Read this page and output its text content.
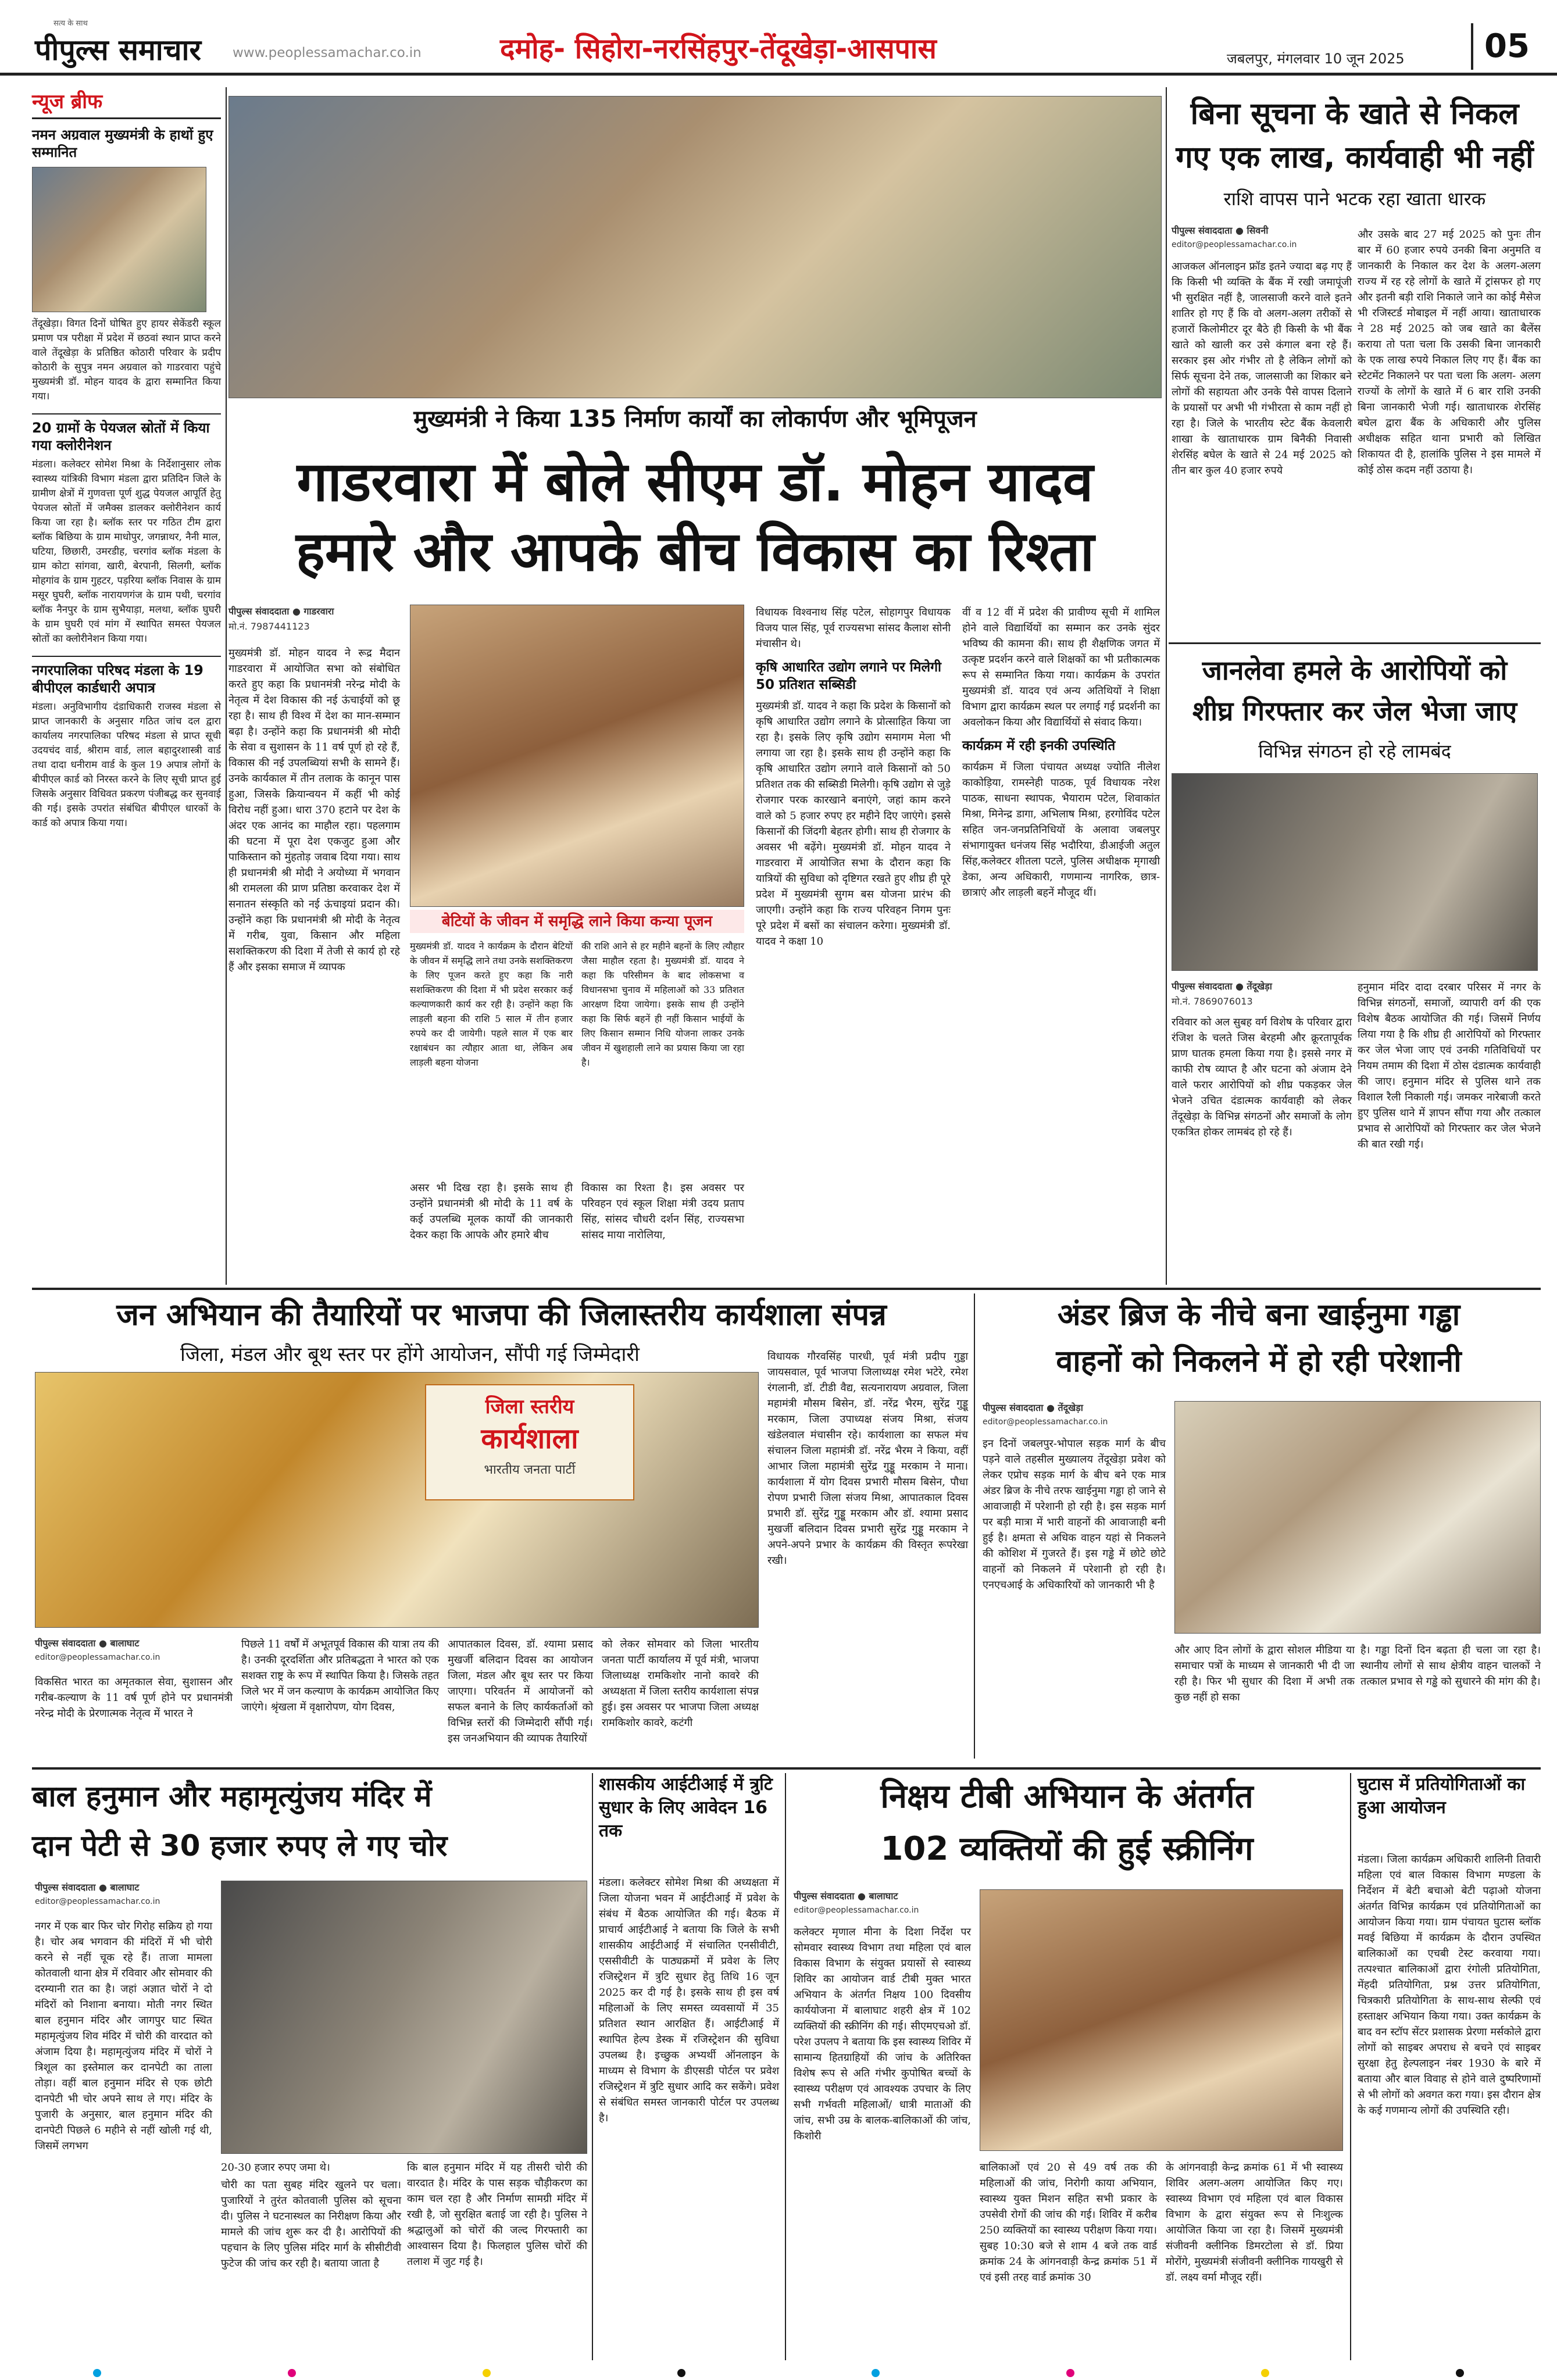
सत्य के साथ
पीपुल्स समाचार www.peoplessamachar.co.in	दमोह- सिहोरा-नरसिंहपुर-तेंदूखेड़ा-आसपास	जबलपुर, मंगलवार 10 जून 2025	05
न्यूज ब्रीफ
नमन अग्रवाल मुख्यमंत्री के हाथों हुए सम्मानित
तेंदूखेड़ा। विगत दिनों घोषित हुए हायर सेकेंडरी स्कूल प्रमाण पत्र परीक्षा में प्रदेश में छठवां स्थान प्राप्त करने वाले तेंदूखेड़ा के प्रतिष्ठित कोठारी परिवार के प्रदीप कोठारी के सुपुत्र नमन अग्रवाल को गाडरवारा पहुंचे मुख्यमंत्री डॉ. मोहन यादव के द्वारा सम्मानित किया गया।
20 ग्रामों के पेयजल स्रोतों में किया गया क्लोरीनेशन
मंडला। कलेक्टर सोमेश मिश्रा के निर्देशानुसार लोक स्वास्थ्य यांत्रिकी विभाग मंडला द्वारा प्रतिदिन जिले के ग्रामीण क्षेत्रों में गुणवत्ता पूर्ण शुद्ध पेयजल आपूर्ति हेतु पेयजल स्रोतों में जमैक्स डालकर क्लोरीनेशन कार्य किया जा रहा है। ब्लॉक स्तर पर गठित टीम द्वारा ब्लॉक बिछिया के ग्राम माधोपुर, जगन्नाथर, नैनी माल, घटिया, छिछारी, उमरडीह, चरगांव ब्लॉक मंडला के ग्राम कोटा सांगवा, खारी, बेरपानी, सिलगी, ब्लॉक मोहगांव के ग्राम गुहटर, पड़रिया ब्लॉक निवास के ग्राम मसूर घुघरी, ब्लॉक नारायणगंज के ग्राम पथी, चरगांव ब्लॉक नैनपुर के ग्राम सुभैयाड़ा, मलथा, ब्लॉक घुघरी के ग्राम घुघरी एवं मांग में स्थापित समस्त पेयजल स्रोतों का क्लोरीनेशन किया गया।
नगरपालिका परिषद मंडला के 19 बीपीएल कार्डधारी अपात्र
मंडला। अनुविभागीय दंडाधिकारी राजस्व मंडला से प्राप्त जानकारी के अनुसार गठित जांच दल द्वारा कार्यालय नगरपालिका परिषद मंडला से प्राप्त सूची उदयचंद वार्ड, श्रीराम वार्ड, लाल बहादुरशास्त्री वार्ड तथा दादा धनीराम वार्ड के कुल 19 अपात्र लोगों के बीपीएल कार्ड को निरस्त करने के लिए सूची प्राप्त हुई जिसके अनुसार विधिवत प्रकरण पंजीबद्ध कर सुनवाई की गई। इसके उपरांत संबंधित बीपीएल धारकों के कार्ड को अपात्र किया गया।
मुख्यमंत्री ने किया 135 निर्माण कार्यों का लोकार्पण और भूमिपूजन
गाडरवारा में बोले सीएम डॉ. मोहन यादव
हमारे और आपके बीच विकास का रिश्ता
पीपुल्स संवाददाता ● गाडरवारा
मो.नं. 7987441123
बेटियों के जीवन में समृद्धि लाने किया कन्या पूजन
मुख्यमंत्री डॉ. मोहन यादव ने रूद्र मैदान गाडरवारा में आयोजित सभा को संबोधित करते हुए कहा कि प्रधानमंत्री नरेन्द्र मोदी के नेतृत्व में देश विकास की नई ऊंचाईयों को छू रहा है। साथ ही विश्व में देश का मान-सम्मान बढ़ा है। उन्होंने कहा कि प्रधानमंत्री श्री मोदी के सेवा व सुशासन के 11 वर्ष पूर्ण हो रहे हैं, विकास की नई उपलब्धियां सभी के सामने हैं। उनके कार्यकाल में तीन तलाक के कानून पास हुआ, जिसके क्रियान्वयन में कहीं भी कोई विरोध नहीं हुआ। धारा 370 हटाने पर देश के अंदर एक आनंद का माहौल रहा। पहलगाम की घटना में पूरा देश एकजुट हुआ और पाकिस्तान को मुंहतोड़ जवाब दिया गया। साथ ही प्रधानमंत्री श्री मोदी ने अयोध्या में भगवान श्री रामलला की प्राण प्रतिष्ठा करवाकर देश में सनातन संस्कृति को नई ऊंचाइयां प्रदान की। उन्होंने कहा कि प्रधानमंत्री श्री मोदी के नेतृत्व में गरीब, युवा, किसान और महिला सशक्तिकरण की दिशा में तेजी से कार्य हो रहे हैं और इसका समाज में व्यापक
मुख्यमंत्री डॉ. यादव ने कार्यक्रम के दौरान बेटियों के जीवन में समृद्धि लाने तथा उनके सशक्तिकरण के लिए पूजन करते हुए कहा कि नारी सशक्तिकरण की दिशा में भी प्रदेश सरकार कई कल्याणकारी कार्य कर रही है। उन्होंने कहा कि लाड़ली बहना की राशि 5 साल में तीन हजार रुपये कर दी जायेगी। पहले साल में एक बार रक्षाबंधन का त्यौहार आता था, लेकिन अब लाड़ली बहना योजना
की राशि आने से हर महीने बहनों के लिए त्यौहार जैसा माहौल रहता है। मुख्यमंत्री डॉ. यादव ने कहा कि परिसीमन के बाद लोकसभा व विधानसभा चुनाव में महिलाओं को 33 प्रतिशत आरक्षण दिया जायेगा। इसके साथ ही उन्होंने कहा कि सिर्फ बहनें ही नहीं किसान भाईयों के लिए किसान सम्मान निधि योजना लाकर उनके जीवन में खुशहाली लाने का प्रयास किया जा रहा है।
असर भी दिख रहा है। इसके साथ ही उन्होंने प्रधानमंत्री श्री मोदी के 11 वर्ष के कई उपलब्धि मूलक कार्यों की जानकारी देकर कहा कि आपके और हमारे बीच
विकास का रिश्ता है। इस अवसर पर परिवहन एवं स्कूल शिक्षा मंत्री उदय प्रताप सिंह, सांसद चौधरी दर्शन सिंह, राज्यसभा सांसद माया नारोलिया,
विधायक विश्वनाथ सिंह पटेल, सोहागपुर विधायक विजय पाल सिंह, पूर्व राज्यसभा सांसद कैलाश सोनी मंचासीन थे।
कृषि आधारित उद्योग लगाने पर मिलेगी 50 प्रतिशत सब्सिडी
मुख्यमंत्री डॉ. यादव ने कहा कि प्रदेश के किसानों को कृषि आधारित उद्योग लगाने के प्रोत्साहित किया जा रहा है। इसके लिए कृषि उद्योग समागम मेला भी लगाया जा रहा है। इसके साथ ही उन्होंने कहा कि कृषि आधारित उद्योग लगाने वाले किसानों को 50 प्रतिशत तक की सब्सिडी मिलेगी। कृषि उद्योग से जुड़े रोजगार परक कारखाने बनाएंगे, जहां काम करने वाले को 5 हजार रुपए हर महीने दिए जाएंगे। इससे किसानों की जिंदगी बेहतर होगी। साथ ही रोजगार के अवसर भी बढ़ेंगे। मुख्यमंत्री डॉ. मोहन यादव ने गाडरवारा में आयोजित सभा के दौरान कहा कि यात्रियों की सुविधा को दृष्टिगत रखते हुए शीघ्र ही पूरे प्रदेश में मुख्यमंत्री सुगम बस योजना प्रारंभ की जाएगी। उन्होंने कहा कि राज्य परिवहन निगम पुनः पूरे प्रदेश में बसों का संचालन करेगा। मुख्यमंत्री डॉ. यादव ने कक्षा 10
वीं व 12 वीं में प्रदेश की प्रावीण्य सूची में शामिल होने वाले विद्यार्थियों का सम्मान कर उनके सुंदर भविष्य की कामना की। साथ ही शैक्षणिक जगत में उत्कृष्ट प्रदर्शन करने वाले शिक्षकों का भी प्रतीकात्मक रूप से सम्मानित किया गया। कार्यक्रम के उपरांत मुख्यमंत्री डॉ. यादव एवं अन्य अतिथियों ने शिक्षा विभाग द्वारा कार्यक्रम स्थल पर लगाई गई प्रदर्शनी का अवलोकन किया और विद्यार्थियों से संवाद किया।
कार्यक्रम में रही इनकी उपस्थिति
कार्यक्रम में जिला पंचायत अध्यक्ष ज्योति नीलेश काकोड़िया, रामस्नेही पाठक, पूर्व विधायक नरेश पाठक, साधना स्थापक, भैयाराम पटेल, शिवाकांत मिश्रा, मिनेन्द्र डागा, अभिलाष मिश्रा, हरगोविंद पटेल सहित जन-जनप्रतिनिधियों के अलावा जबलपुर संभागायुक्त धनंजय सिंह भदौरिया, डीआईजी अतुल सिंह,कलेक्टर शीतला पटले, पुलिस अधीक्षक मृगाखी डेका, अन्य अधिकारी, गणमान्य नागरिक, छात्र-छात्राएं और लाड़ली बहनें मौजूद थीं।
बिना सूचना के खाते से निकल
गए एक लाख, कार्यवाही भी नहीं
राशि वापस पाने भटक रहा खाता धारक
पीपुल्स संवाददाता ● सिवनी
editor@peoplessamachar.co.in
आजकल ऑनलाइन फ्रॉड इतने ज्यादा बढ़ गए हैं कि किसी भी व्यक्ति के बैंक में रखी जमापूंजी भी सुरक्षित नहीं है, जालसाजी करने वाले इतने शातिर हो गए हैं कि वो अलग-अलग तरीकों से हजारों किलोमीटर दूर बैठे ही किसी के भी बैंक खाते को खाली कर उसे कंगाल बना रहे हैं। सरकार इस ओर गंभीर तो है लेकिन लोगों को सिर्फ सूचना देने तक, जालसाजी का शिकार बने लोगों की सहायता और उनके पैसे वापस दिलाने के प्रयासों पर अभी भी गंभीरता से काम नहीं हो रहा है। जिले के भारतीय स्टेट बैंक केवलारी शाखा के खाताधारक ग्राम बिनैकी निवासी शेरसिंह बघेल के खाते से 24 मई 2025 को तीन बार कुल 40 हजार रुपये
और उसके बाद 27 मई 2025 को पुनः तीन बार में 60 हजार रुपये उनकी बिना अनुमति व जानकारी के निकाल कर देश के अलग-अलग राज्य में रह रहे लोगों के खाते में ट्रांसफर हो गए और इतनी बड़ी राशि निकाले जाने का कोई मैसेज भी रजिस्टर्ड मोबाइल में नहीं आया। खाताधारक ने 28 मई 2025 को जब खाते का बैलेंस कराया तो पता चला कि उसकी बिना जानकारी के एक लाख रुपये निकाल लिए गए हैं। बैंक का स्टेटमेंट निकालने पर पता चला कि अलग- अलग राज्यों के लोगों के खाते में 6 बार राशि उनकी बिना जानकारी भेजी गई। खाताधारक शेरसिंह बघेल द्वारा बैंक के अधिकारी और पुलिस अधीक्षक सहित थाना प्रभारी को लिखित शिकायत दी है, हालांकि पुलिस ने इस मामले में कोई ठोस कदम नहीं उठाया है।
जानलेवा हमले के आरोपियों को
शीघ्र गिरफ्तार कर जेल भेजा जाए
विभिन्न संगठन हो रहे लामबंद
पीपुल्स संवाददाता ● तेंदूखेड़ा
मो.नं. 7869076013
रविवार को अल सुबह वर्ग विशेष के परिवार द्वारा रंजिश के चलते जिस बेरहमी और क्रूरतापूर्वक प्राण घातक हमला किया गया है। इससे नगर में काफी रोष व्याप्त है और घटना को अंजाम देने वाले फरार आरोपियों को शीघ्र पकड़कर जेल भेजने उचित दंडात्मक कार्यवाही को लेकर तेंदूखेड़ा के विभिन्न संगठनों और समाजों के लोग एकत्रित होकर लामबंद हो रहे हैं।
हनुमान मंदिर दादा दरबार परिसर में नगर के विभिन्न संगठनों, समाजों, व्यापारी वर्ग की एक विशेष बैठक आयोजित की गई। जिसमें निर्णय लिया गया है कि शीघ्र ही आरोपियों को गिरफ्तार कर जेल भेजा जाए एवं उनकी गतिविधियों पर नियम तमाम की दिशा में ठोस दंडात्मक कार्यवाही की जाए। हनुमान मंदिर से पुलिस थाने तक विशाल रैली निकाली गई। जमकर नारेबाजी करते हुए पुलिस थाने में ज्ञापन सौंपा गया और तत्काल प्रभाव से आरोपियों को गिरफ्तार कर जेल भेजने की बात रखी गई।
जन अभियान की तैयारियों पर भाजपा की जिलास्तरीय कार्यशाला संपन्न
जिला, मंडल और बूथ स्तर पर होंगे आयोजन, सौंपी गई जिम्मेदारी
जिला स्तरीय
कार्यशाला
भारतीय जनता पार्टी
पीपुल्स संवाददाता ● बालाघाट
editor@peoplessamachar.co.in
विकसित भारत का अमृतकाल सेवा, सुशासन और गरीब-कल्याण के 11 वर्ष पूर्ण होने पर प्रधानमंत्री नरेन्द्र मोदी के प्रेरणात्मक नेतृत्व में भारत ने
पिछले 11 वर्षों में अभूतपूर्व विकास की यात्रा तय की है। उनकी दूरदर्शिता और प्रतिबद्धता ने भारत को एक सशक्त राष्ट्र के रूप में स्थापित किया है। जिसके तहत जिले भर में जन कल्याण के कार्यक्रम आयोजित किए जाएंगे। श्रृंखला में वृक्षारोपण, योग दिवस,
आपातकाल दिवस, डॉ. श्यामा प्रसाद मुखर्जी बलिदान दिवस का आयोजन जिला, मंडल और बूथ स्तर पर किया जाएगा। परिवर्तन में आयोजनों को सफल बनाने के लिए कार्यकर्ताओं को विभिन्न स्तरों की जिम्मेदारी सौंपी गई। इस जनअभियान की व्यापक तैयारियों
को लेकर सोमवार को जिला भारतीय जनता पार्टी कार्यालय में पूर्व मंत्री, भाजपा जिलाध्यक्ष रामकिशोर नानो कावरे की अध्यक्षता में जिला स्तरीय कार्यशाला संपन्न हुई। इस अवसर पर भाजपा जिला अध्यक्ष रामकिशोर कावरे, कटंगी
विधायक गौरवसिंह पारधी, पूर्व मंत्री प्रदीप गुड्डा जायसवाल, पूर्व भाजपा जिलाध्यक्ष रमेश भटेरे, रमेश रंगलानी, डॉ. टीडी वैद्य, सत्यनारायण अग्रवाल, जिला महामंत्री मौसम बिसेन, डॉ. नरेंद्र भैरम, सुरेंद्र गुड्डू मरकाम, जिला उपाध्यक्ष संजय मिश्रा, संजय खंडेलवाल मंचासीन रहे। कार्यशाला का सफल मंच संचालन जिला महामंत्री डॉ. नरेंद्र भैरम ने किया, वहीं आभार जिला महामंत्री सुरेंद्र गुड्डू मरकाम ने माना। कार्यशाला में योग दिवस प्रभारी मौसम बिसेन, पौधा रोपण प्रभारी जिला संजय मिश्रा, आपातकाल दिवस प्रभारी डॉ. सुरेंद्र गुड्डू मरकाम और डॉ. श्यामा प्रसाद मुखर्जी बलिदान दिवस प्रभारी सुरेंद्र गुड्डू मरकाम ने अपने-अपने प्रभार के कार्यक्रम की विस्तृत रूपरेखा रखी।
अंडर ब्रिज के नीचे बना खाईनुमा गड्ढा
वाहनों को निकलने में हो रही परेशानी
पीपुल्स संवाददाता ● तेंदूखेड़ा
editor@peoplessamachar.co.in
इन दिनों जबलपुर-भोपाल सड़क मार्ग के बीच पड़ने वाले तहसील मुख्यालय तेंदूखेड़ा प्रवेश को लेकर एप्रोच सड़क मार्ग के बीच बने एक मात्र अंडर ब्रिज के नीचे तरफ खाईनुमा गड्ढा हो जाने से आवाजाही में परेशानी हो रही है। इस सड़क मार्ग पर बड़ी मात्रा में भारी वाहनों की आवाजाही बनी हुई है। क्षमता से अधिक वाहन यहां से निकलने की कोशिश में गुजरते हैं। इस गड्ढे में छोटे छोटे वाहनों को निकलने में परेशानी हो रही है। एनएचआई के अधिकारियों को जानकारी भी है
और आए दिन लोगों के द्वारा सोशल मीडिया या समाचार पत्रों के माध्यम से जानकारी भी दी जा रही है। फिर भी सुधार की दिशा में अभी तक कुछ नहीं हो सका
है। गड्ढा दिनों दिन बढ़ता ही चला जा रहा है। स्थानीय लोगों से साथ क्षेत्रीय वाहन चालकों ने तत्काल प्रभाव से गड्ढे को सुधारने की मांग की है।
बाल हनुमान और महामृत्युंजय मंदिर में
दान पेटी से 30 हजार रुपए ले गए चोर
पीपुल्स संवाददाता ● बालाघाट
editor@peoplessamachar.co.in
नगर में एक बार फिर चोर गिरोह सक्रिय हो गया है। चोर अब भगवान की मंदिरों में भी चोरी करने से नहीं चूक रहे हैं। ताजा मामला कोतवाली थाना क्षेत्र में रविवार और सोमवार की दरम्यानी रात का है। जहां अज्ञात चोरों ने दो मंदिरों को निशाना बनाया। मोती नगर स्थित बाल हनुमान मंदिर और जागपुर घाट स्थित महामृत्युंजय शिव मंदिर में चोरी की वारदात को अंजाम दिया है। महामृत्युंजय मंदिर में चोरों ने त्रिशूल का इस्तेमाल कर दानपेटी का ताला तोड़ा। वहीं बाल हनुमान मंदिर से एक छोटी दानपेटी भी चोर अपने साथ ले गए। मंदिर के पुजारी के अनुसार, बाल हनुमान मंदिर की दानपेटी पिछले 6 महीने से नहीं खोली गई थी, जिसमें लगभग
20-30 हजार रुपए जमा थे।
चोरी का पता सुबह मंदिर खुलने पर चला। पुजारियों ने तुरंत कोतवाली पुलिस को सूचना दी। पुलिस ने घटनास्थल का निरीक्षण किया और मामले की जांच शुरू कर दी है। आरोपियों की पहचान के लिए पुलिस मंदिर मार्ग के सीसीटीवी फुटेज की जांच कर रही है। बताया जाता है
कि बाल हनुमान मंदिर में यह तीसरी चोरी की वारदात है। मंदिर के पास सड़क चौड़ीकरण का काम चल रहा है और निर्माण सामग्री मंदिर में रखी है, जो सुरक्षित बताई जा रही है। पुलिस ने श्रद्धालुओं को चोरों की जल्द गिरफ्तारी का आश्वासन दिया है। फिलहाल पुलिस चोरों की तलाश में जुट गई है।
शासकीय आईटीआई में त्रुटि सुधार के लिए आवेदन 16 तक
मंडला। कलेक्टर सोमेश मिश्रा की अध्यक्षता में जिला योजना भवन में आईटीआई में प्रवेश के संबंध में बैठक आयोजित की गई। बैठक में प्राचार्य आईटीआई ने बताया कि जिले के सभी शासकीय आईटीआई में संचालित एनसीवीटी, एससीवीटी के पाठ्यक्रमों में प्रवेश के लिए रजिस्ट्रेशन में त्रुटि सुधार हेतु तिथि 16 जून 2025 कर दी गई है। इसके साथ ही इस वर्ष महिलाओं के लिए समस्त व्यवसायों में 35 प्रतिशत स्थान आरक्षित हैं। आईटीआई में स्थापित हेल्प डेस्क में रजिस्ट्रेशन की सुविधा उपलब्ध है। इच्छुक अभ्यर्थी ऑनलाइन के माध्यम से विभाग के डीएसडी पोर्टल पर प्रवेश रजिस्ट्रेशन में त्रुटि सुधार आदि कर सकेंगे। प्रवेश से संबंधित समस्त जानकारी पोर्टल पर उपलब्ध है।
निक्षय टीबी अभियान के अंतर्गत
102 व्यक्तियों की हुई स्क्रीनिंग
पीपुल्स संवाददाता ● बालाघाट
editor@peoplessamachar.co.in
कलेक्टर मृणाल मीना के दिशा निर्देश पर सोमवार स्वास्थ्य विभाग तथा महिला एवं बाल विकास विभाग के संयुक्त प्रयासों से स्वास्थ्य शिविर का आयोजन वार्ड टीबी मुक्त भारत अभियान के अंतर्गत निक्षय 100 दिवसीय कार्ययोजना में बालाघाट शहरी क्षेत्र में 102 व्यक्तियों की स्क्रीनिंग की गई। सीएमएचओ डॉ. परेश उपलप ने बताया कि इस स्वास्थ्य शिविर में सामान्य हितग्राहियों की जांच के अतिरिक्त विशेष रूप से अति गंभीर कुपोषित बच्चों के स्वास्थ्य परीक्षण एवं आवश्यक उपचार के लिए सभी गर्भवती महिलाओं/ धात्री माताओं की जांच, सभी उम्र के बालक-बालिकाओं की जांच, किशोरी
बालिकाओं एवं 20 से 49 वर्ष तक की महिलाओं की जांच, निरोगी काया अभियान, स्वास्थ्य युक्त मिशन सहित सभी प्रकार के उपसेवी रोगों की जांच की गई। शिविर में करीब 250 व्यक्तियों का स्वास्थ्य परीक्षण किया गया। सुबह 10:30 बजे से शाम 4 बजे तक वार्ड क्रमांक 24 के आंगनवाड़ी केन्द्र क्रमांक 51 में एवं इसी तरह वार्ड क्रमांक 30
के आंगनवाड़ी केन्द्र क्रमांक 61 में भी स्वास्थ्य शिविर अलग-अलग आयोजित किए गए। स्वास्थ्य विभाग एवं महिला एवं बाल विकास विभाग के द्वारा संयुक्त रूप से निःशुल्क आयोजित किया जा रहा है। जिसमें मुख्यमंत्री संजीवनी क्लीनिक डिमरटोला से डॉ. प्रिया मोरोंगे, मुख्यमंत्री संजीवनी क्लीनिक गायखुरी से डॉ. लक्ष्य वर्मा मौजूद रहीं।
घुटास में प्रतियोगिताओं का हुआ आयोजन
मंडला। जिला कार्यक्रम अधिकारी शालिनी तिवारी महिला एवं बाल विकास विभाग मण्डला के निर्देशन में बेटी बचाओ बेटी पढ़ाओ योजना अंतर्गत विभिन्न कार्यक्रम एवं प्रतियोगिताओं का आयोजन किया गया। ग्राम पंचायत घुटास ब्लॉक मवई बिछिया में कार्यक्रम के दौरान उपस्थित बालिकाओं का एचबी टेस्ट करवाया गया। तत्पश्चात बालिकाओं द्वारा रंगोली प्रतियोगिता, मेंहदी प्रतियोगिता, प्रश्न उत्तर प्रतियोगिता, चित्रकारी प्रतियोगिता के साथ-साथ सेल्फी एवं हस्ताक्षर अभियान किया गया। उक्त कार्यक्रम के बाद वन स्टॉप सेंटर प्रशासक प्रेरणा मर्सकोले द्वारा लोगों को साइबर अपराध से बचने एवं साइबर सुरक्षा हेतु हेल्पलाइन नंबर 1930 के बारे में बताया और बाल विवाह से होने वाले दुष्परिणामों से भी लोगों को अवगत करा गया। इस दौरान क्षेत्र के कई गणमान्य लोगों की उपस्थिति रही।
